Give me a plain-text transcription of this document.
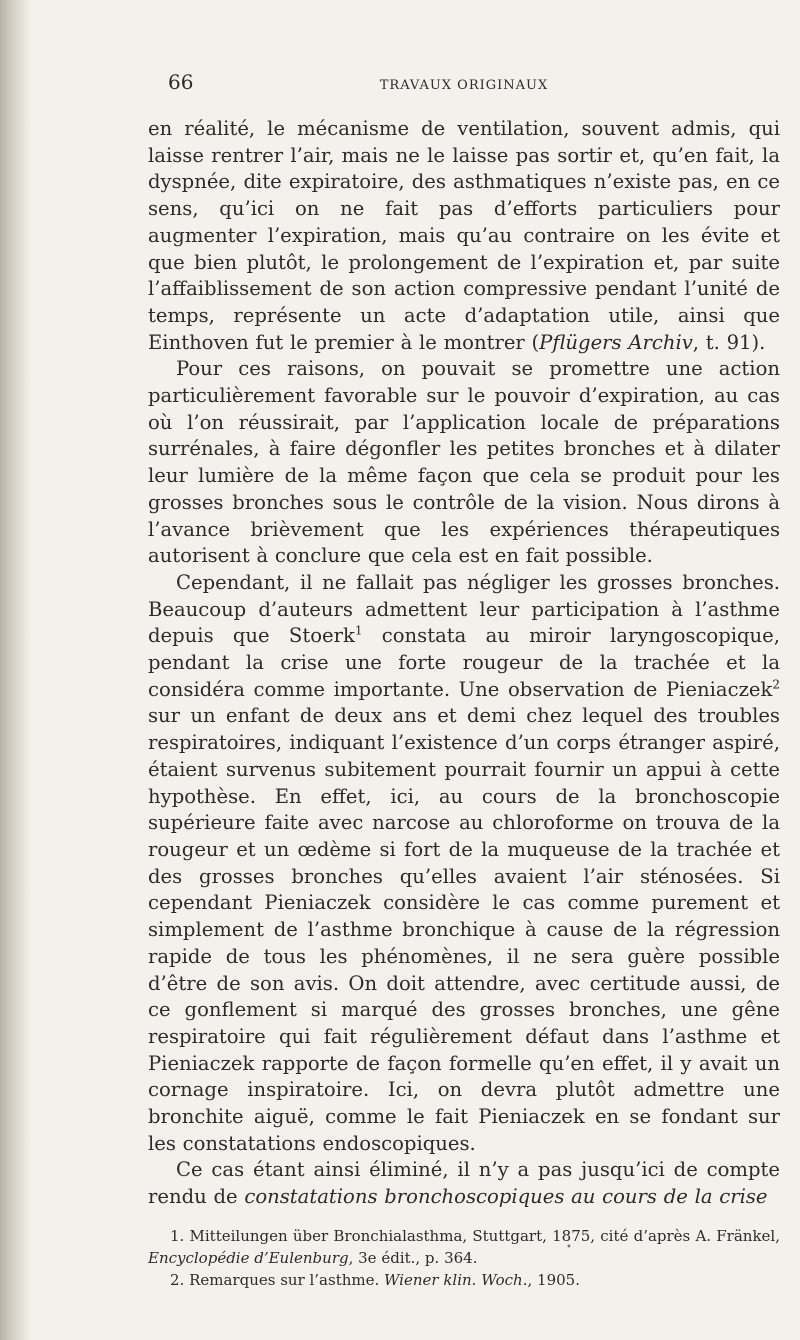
66	TRAVAUX ORIGINAUX

en réalité, le mécanisme de ventilation, souvent admis, qui laisse rentrer l’air, mais ne le laisse pas sortir et, qu’en fait, la dyspnée, dite expiratoire, des asthmatiques n’existe pas, en ce sens, qu’ici on ne fait pas d’efforts particuliers pour augmenter l’expiration, mais qu’au contraire on les évite et que bien plutôt, le prolongement de l’expiration et, par suite l’affaiblissement de son action compressive pendant l’unité de temps, représente un acte d’adaptation utile, ainsi que Einthoven fut le premier à le montrer (Pflügers Archiv, t. 91).

Pour ces raisons, on pouvait se promettre une action particulièrement favorable sur le pouvoir d’expiration, au cas où l’on réussirait, par l’application locale de préparations surrénales, à faire dégonfler les petites bronches et à dilater leur lumière de la même façon que cela se produit pour les grosses bronches sous le contrôle de la vision. Nous dirons à l’avance brièvement que les expériences thérapeutiques autorisent à conclure que cela est en fait possible.

Cependant, il ne fallait pas négliger les grosses bronches. Beaucoup d’auteurs admettent leur participation à l’asthme depuis que Stoerk$^1$ constata au miroir laryngoscopique, pendant la crise une forte rougeur de la trachée et la considéra comme importante. Une observation de Pieniaczek$^2$ sur un enfant de deux ans et demi chez lequel des troubles respiratoires, indiquant l’existence d’un corps étranger aspiré, étaient survenus subitement pourrait fournir un appui à cette hypothèse. En effet, ici, au cours de la bronchoscopie supérieure faite avec narcose au chloroforme on trouva de la rougeur et un œdème si fort de la muqueuse de la trachée et des grosses bronches qu’elles avaient l’air sténosées. Si cependant Pieniaczek considère le cas comme purement et simplement de l’asthme bronchique à cause de la régression rapide de tous les phénomènes, il ne sera guère possible d’être de son avis. On doit attendre, avec certitude aussi, de ce gonflement si marqué des grosses bronches, une gêne respiratoire qui fait régulièrement défaut dans l’asthme et Pieniaczek rapporte de façon formelle qu’en effet, il y avait un cornage inspiratoire. Ici, on devra plutôt admettre une bronchite aiguë, comme le fait Pieniaczek en se fondant sur les constatations endoscopiques.

Ce cas étant ainsi éliminé, il n’y a pas jusqu’ici de compte rendu de constatations bronchoscopiques au cours de la crise

1. Mitteilungen über Bronchialasthma, Stuttgart, 1875, cité d’après A. Fränkel, Encyclopédie d’Eulenburg, 3e édit., p. 364.

2. Remarques sur l’asthme. Wiener klin. Woch., 1905.

•
